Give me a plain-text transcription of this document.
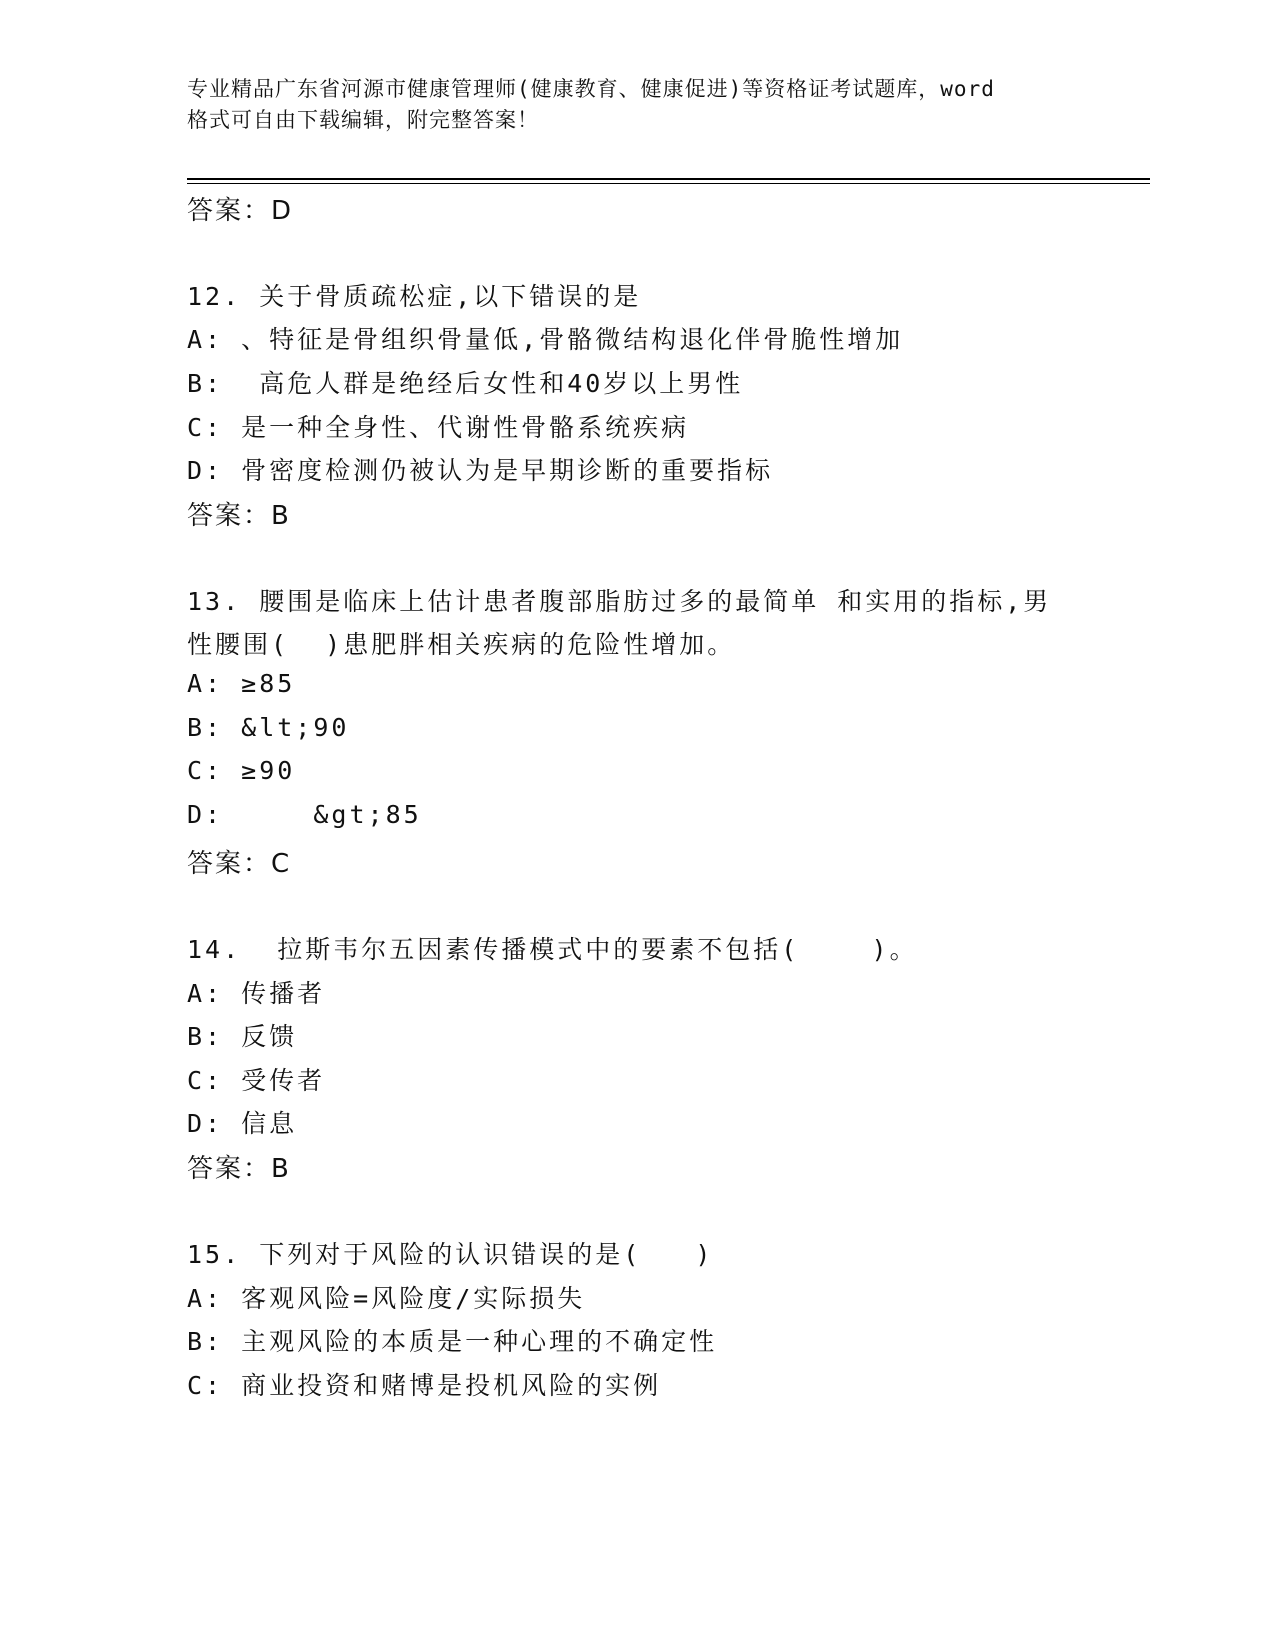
专业精品广东省河源市健康管理师(健康教育、健康促进)等资格证考试题库，word
格式可自由下载编辑，附完整答案！
答案：D
12. 关于骨质疏松症,以下错误的是
A: 、特征是骨组织骨量低,骨骼微结构退化伴骨脆性增加
B:  高危人群是绝经后女性和40岁以上男性
C: 是一种全身性、代谢性骨骼系统疾病
D: 骨密度检测仍被认为是早期诊断的重要指标
答案：B
13. 腰围是临床上估计患者腹部脂肪过多的最简单 和实用的指标,男
性腰围(  )患肥胖相关疾病的危险性增加。
A: ≥85
B: &lt;90
C: ≥90
D:     &gt;85
答案：C
14.  拉斯韦尔五因素传播模式中的要素不包括(    )。
A: 传播者
B: 反馈
C: 受传者
D: 信息
答案：B
15. 下列对于风险的认识错误的是(   )
A: 客观风险=风险度/实际损失
B: 主观风险的本质是一种心理的不确定性
C: 商业投资和赌博是投机风险的实例
